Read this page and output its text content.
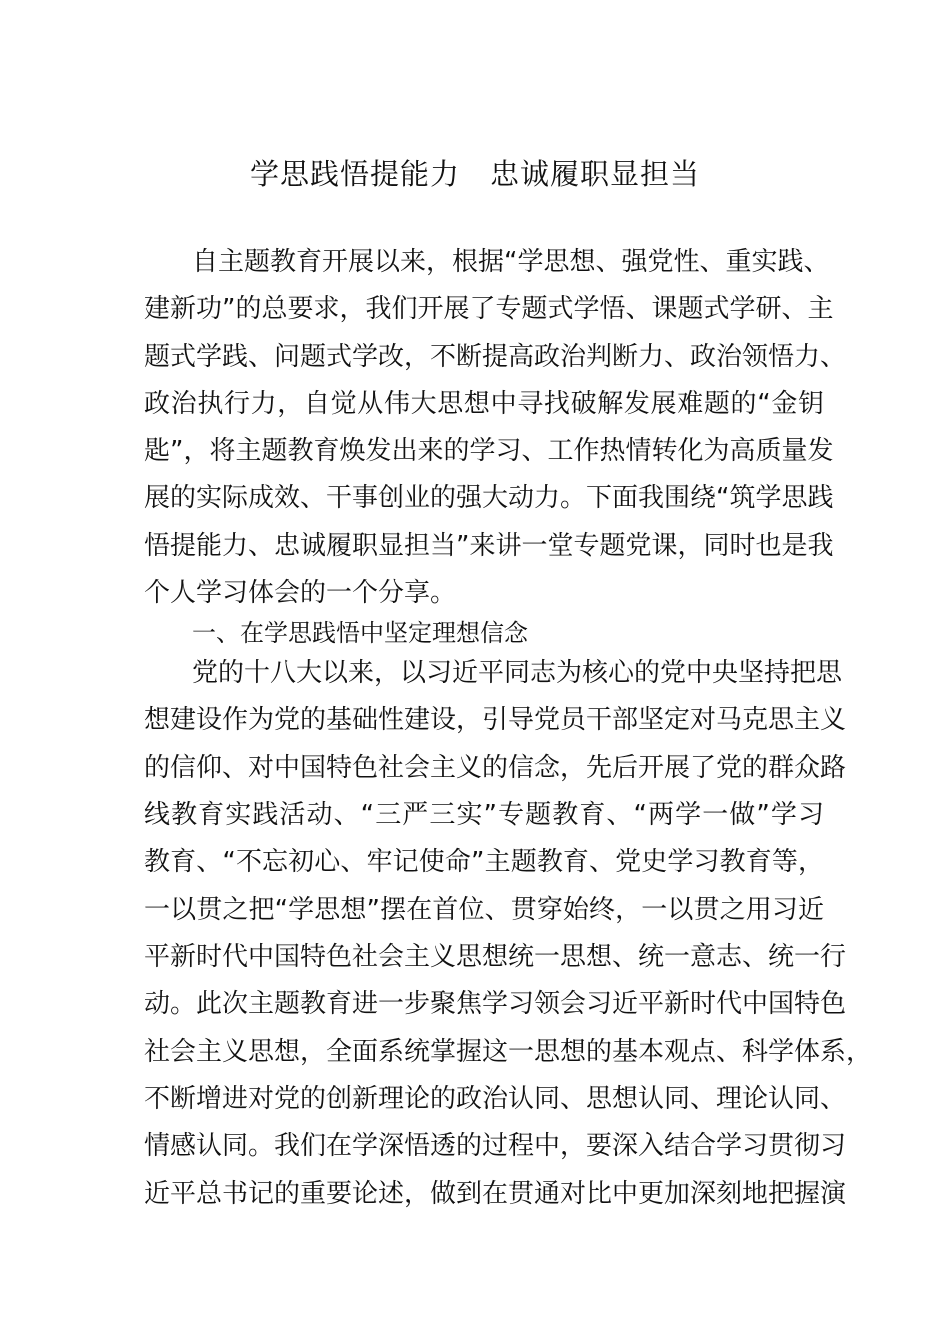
学思践悟提能力　忠诚履职显担当

自主题教育开展以来，根据“学思想、强党性、重实践、

建新功”的总要求，我们开展了专题式学悟、课题式学研、主

题式学践、问题式学改，不断提高政治判断力、政治领悟力、

政治执行力，自觉从伟大思想中寻找破解发展难题的“金钥

匙”，将主题教育焕发出来的学习、工作热情转化为高质量发

展的实际成效、干事创业的强大动力。下面我围绕“筑学思践

悟提能力、忠诚履职显担当”来讲一堂专题党课，同时也是我

个人学习体会的一个分享。

一、在学思践悟中坚定理想信念

党的十八大以来，以习近平同志为核心的党中央坚持把思

想建设作为党的基础性建设，引导党员干部坚定对马克思主义

的信仰、对中国特色社会主义的信念，先后开展了党的群众路

线教育实践活动、“三严三实”专题教育、“两学一做”学习

教育、“不忘初心、牢记使命”主题教育、党史学习教育等，

一以贯之把“学思想”摆在首位、贯穿始终，一以贯之用习近

平新时代中国特色社会主义思想统一思想、统一意志、统一行

动。此次主题教育进一步聚焦学习领会习近平新时代中国特色

社会主义思想，全面系统掌握这一思想的基本观点、科学体系，

不断增进对党的创新理论的政治认同、思想认同、理论认同、

情感认同。我们在学深悟透的过程中，要深入结合学习贯彻习

近平总书记的重要论述，做到在贯通对比中更加深刻地把握演
